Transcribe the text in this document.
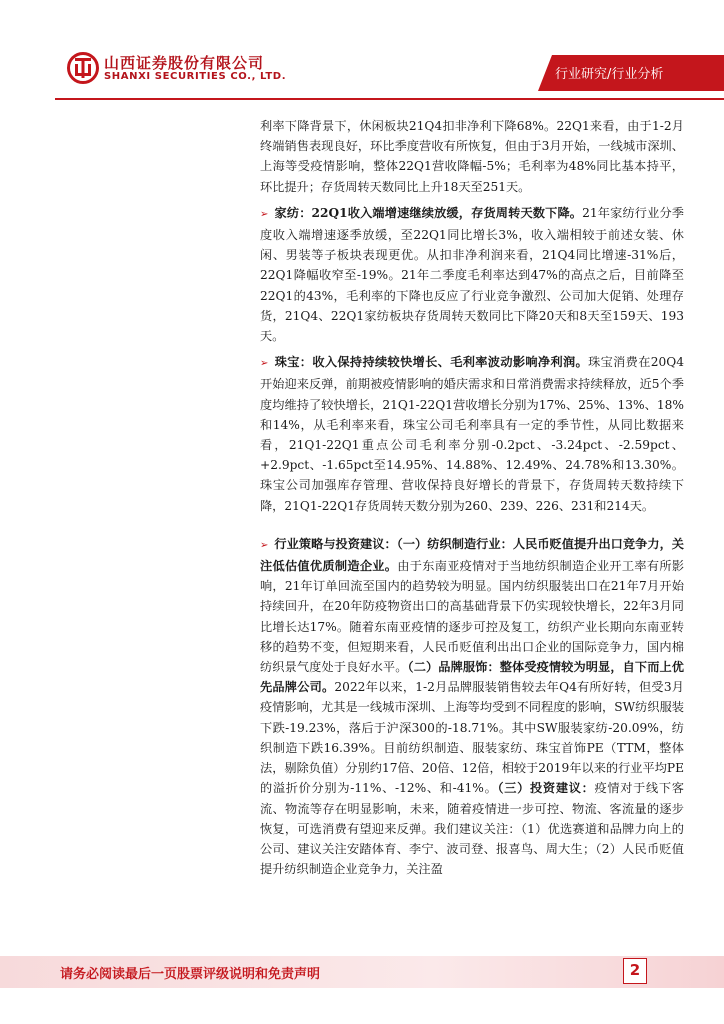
山西证券股份有限公司
SHANXI SECURITIES CO., LTD.	行业研究/行业分析

利率下降背景下，休闲板块21Q4扣非净利下降68%。22Q1来看，由于1-2月终端销售表现良好，环比季度营收有所恢复，但由于3月开始，一线城市深圳、上海等受疫情影响，整体22Q1营收降幅-5%；毛利率为48%同比基本持平，环比提升；存货周转天数同比上升18天至251天。

➢ 家纺：22Q1收入端增速继续放缓，存货周转天数下降。21年家纺行业分季度收入端增速逐季放缓，至22Q1同比增长3%，收入端相较于前述女装、休闲、男装等子板块表现更优。从扣非净利润来看，21Q4同比增速-31%后，22Q1降幅收窄至-19%。21年二季度毛利率达到47%的高点之后，目前降至22Q1的43%，毛利率的下降也反应了行业竞争激烈、公司加大促销、处理存货，21Q4、22Q1家纺板块存货周转天数同比下降20天和8天至159天、193天。

➢ 珠宝：收入保持持续较快增长、毛利率波动影响净利润。珠宝消费在20Q4开始迎来反弹，前期被疫情影响的婚庆需求和日常消费需求持续释放，近5个季度均维持了较快增长，21Q1-22Q1营收增长分别为17%、25%、13%、18%和14%，从毛利率来看，珠宝公司毛利率具有一定的季节性，从同比数据来看，21Q1-22Q1重点公司毛利率分别-0.2pct、-3.24pct、-2.59pct、+2.9pct、-1.65pct至14.95%、14.88%、12.49%、24.78%和13.30%。珠宝公司加强库存管理、营收保持良好增长的背景下，存货周转天数持续下降，21Q1-22Q1存货周转天数分别为260、239、226、231和214天。

➢ 行业策略与投资建议：（一）纺织制造行业：人民币贬值提升出口竞争力，关注低估值优质制造企业。由于东南亚疫情对于当地纺织制造企业开工率有所影响，21年订单回流至国内的趋势较为明显。国内纺织服装出口在21年7月开始持续回升，在20年防疫物资出口的高基础背景下仍实现较快增长，22年3月同比增长达17%。随着东南亚疫情的逐步可控及复工，纺织产业长期向东南亚转移的趋势不变，但短期来看，人民币贬值利出出口企业的国际竞争力，国内棉纺织景气度处于良好水平。（二）品牌服饰：整体受疫情较为明显，自下而上优先品牌公司。2022年以来，1-2月品牌服装销售较去年Q4有所好转，但受3月疫情影响，尤其是一线城市深圳、上海等均受到不同程度的影响，SW纺织服装下跌-19.23%，落后于沪深300的-18.71%。其中SW服装家纺-20.09%，纺织制造下跌16.39%。目前纺织制造、服装家纺、珠宝首饰PE（TTM，整体法，剔除负值）分别约17倍、20倍、12倍，相较于2019年以来的行业平均PE的溢折价分别为-11%、-12%、和-41%。（三）投资建议：疫情对于线下客流、物流等存在明显影响，未来，随着疫情进一步可控、物流、客流量的逐步恢复，可选消费有望迎来反弹。我们建议关注：（1）优选赛道和品牌力向上的公司、建议关注安踏体育、李宁、波司登、报喜鸟、周大生；（2）人民币贬值提升纺织制造企业竞争力，关注盈

请务必阅读最后一页股票评级说明和免责声明	2
